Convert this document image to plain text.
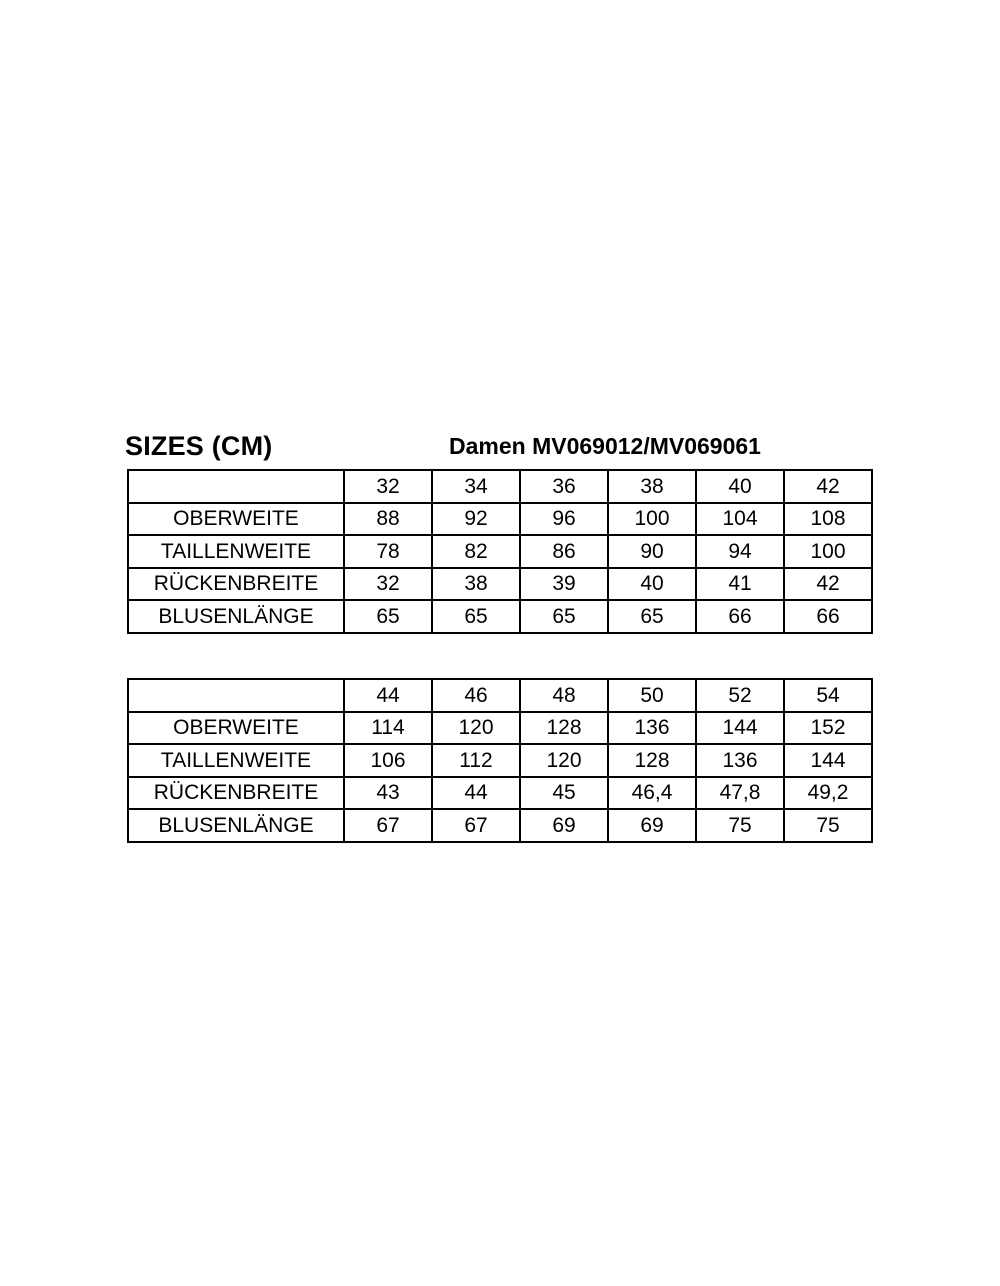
SIZES (CM)	Damen MV069012/MV069061
	32	34	36	38	40	42
OBERWEITE	88	92	96	100	104	108
TAILLENWEITE	78	82	86	90	94	100
RÜCKENBREITE	32	38	39	40	41	42
BLUSENLÄNGE	65	65	65	65	66	66
	44	46	48	50	52	54
OBERWEITE	114	120	128	136	144	152
TAILLENWEITE	106	112	120	128	136	144
RÜCKENBREITE	43	44	45	46,4	47,8	49,2
BLUSENLÄNGE	67	67	69	69	75	75
